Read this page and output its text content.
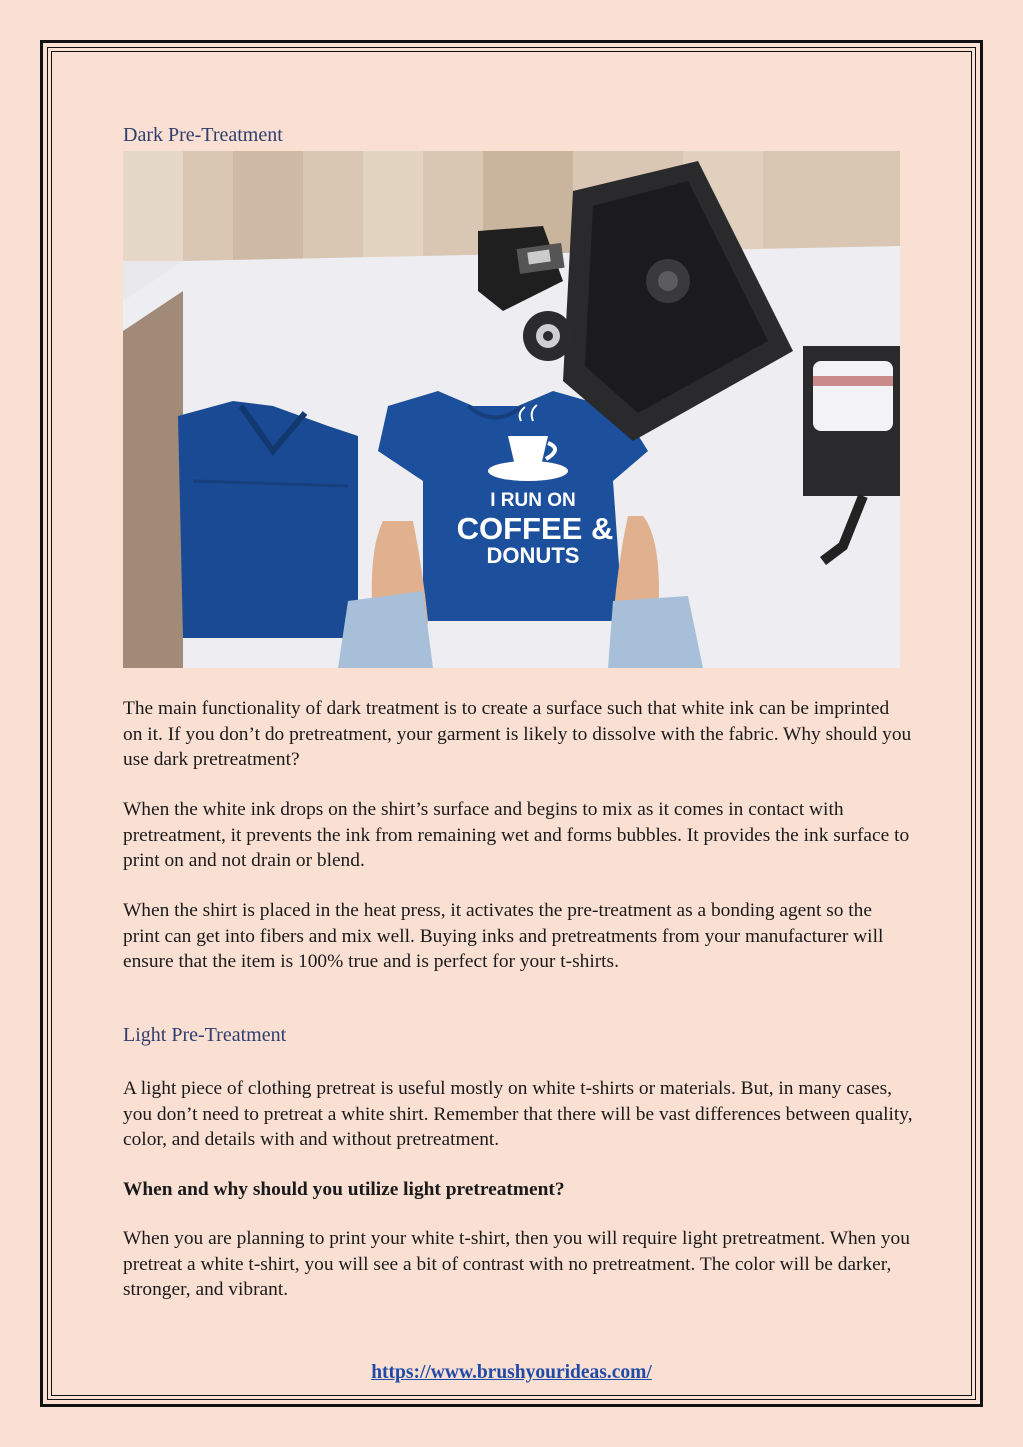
Dark Pre-Treatment
I RUN ON
COFFEE &
DONUTS

The main functionality of dark treatment is to create a surface such that white ink can be imprinted on it. If you don’t do pretreatment, your garment is likely to dissolve with the fabric. Why should you use dark pretreatment?

When the white ink drops on the shirt’s surface and begins to mix as it comes in contact with pretreatment, it prevents the ink from remaining wet and forms bubbles. It provides the ink surface to print on and not drain or blend.

When the shirt is placed in the heat press, it activates the pre-treatment as a bonding agent so the print can get into fibers and mix well. Buying inks and pretreatments from your manufacturer will ensure that the item is 100% true and is perfect for your t-shirts.

Light Pre-Treatment

A light piece of clothing pretreat is useful mostly on white t-shirts or materials. But, in many cases, you don’t need to pretreat a white shirt. Remember that there will be vast differences between quality, color, and details with and without pretreatment.

When and why should you utilize light pretreatment?

When you are planning to print your white t-shirt, then you will require light pretreatment. When you pretreat a white t-shirt, you will see a bit of contrast with no pretreatment. The color will be darker, stronger, and vibrant.

https://www.brushyourideas.com/
